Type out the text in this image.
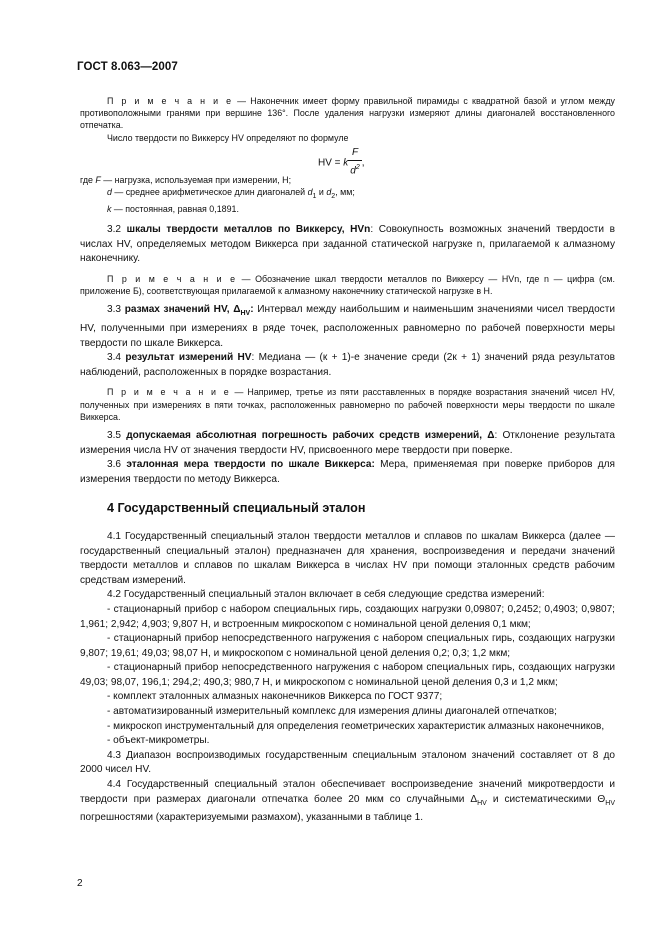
ГОСТ 8.063—2007

П р и м е ч а н и е — Наконечник имеет форму правильной пирамиды с квадратной базой и углом между противоположными гранями при вершине 136°. После удаления нагрузки измеряют длины диагоналей восстановленного отпечатка.

Число твердости по Виккерсу HV определяют по формуле

HV = k $\frac{F}{d^2}$ ,

где F — нагрузка, используемая при измерении, Н;

d — среднее арифметическое длин диагоналей $d_1$ и $d_2$, мм;

k — постоянная, равная 0,1891.

3.2 шкалы твердости металлов по Виккерсу, HVn: Совокупность возможных значений твердости в числах HV, определяемых методом Виккерса при заданной статической нагрузке n, прилагаемой к алмазному наконечнику.

П р и м е ч а н и е — Обозначение шкал твердости металлов по Виккерсу — HVn, где n — цифра (см. приложение Б), соответствующая прилагаемой к алмазному наконечнику статической нагрузке в Н.

3.3 размах значений HV, $\Delta_{HV}$: Интервал между наибольшим и наименьшим значениями чисел твердости HV, полученными при измерениях в ряде точек, расположенных равномерно по рабочей поверхности меры твердости по шкале Виккерса.

3.4 результат измерений HV: Медиана — (к + 1)-е значение среди (2к + 1) значений ряда результатов наблюдений, расположенных в порядке возрастания.

П р и м е ч а н и е — Например, третье из пяти расставленных в порядке возрастания значений чисел HV, полученных при измерениях в пяти точках, расположенных равномерно по рабочей поверхности меры твердости по шкале Виккерса.

3.5 допускаемая абсолютная погрешность рабочих средств измерений, Δ: Отклонение результата измерения числа HV от значения твердости HV, присвоенного мере твердости при поверке.

3.6 эталонная мера твердости по шкале Виккерса: Мера, применяемая при поверке приборов для измерения твердости по методу Виккерса.

4 Государственный специальный эталон

4.1 Государственный специальный эталон твердости металлов и сплавов по шкалам Виккерса (далее — государственный специальный эталон) предназначен для хранения, воспроизведения и передачи значений твердости металлов и сплавов по шкалам Виккерса в числах HV при помощи эталонных средств рабочим средствам измерений.

4.2 Государственный специальный эталон включает в себя следующие средства измерений:

- стационарный прибор с набором специальных гирь, создающих нагрузки 0,09807; 0,2452; 0,4903; 0,9807; 1,961; 2,942; 4,903; 9,807 Н, и встроенным микроскопом с номинальной ценой деления 0,1 мкм;

- стационарный прибор непосредственного нагружения с набором специальных гирь, создающих нагрузки 9,807; 19,61; 49,03; 98,07 Н, и микроскопом с номинальной ценой деления 0,2; 0,3; 1,2 мкм;

- стационарный прибор непосредственного нагружения с набором специальных гирь, создающих нагрузки 49,03; 98,07, 196,1; 294,2; 490,3; 980,7 Н, и микроскопом с номинальной ценой деления 0,3 и 1,2 мкм;

- комплект эталонных алмазных наконечников Виккерса по ГОСТ 9377;

- автоматизированный измерительный комплекс для измерения длины диагоналей отпечатков;

- микроскоп инструментальный для определения геометрических характеристик алмазных наконечников,

- объект-микрометры.

4.3 Диапазон воспроизводимых государственным специальным эталоном значений составляет от 8 до 2000 чисел HV.

4.4 Государственный специальный эталон обеспечивает воспроизведение значений микротвердости и твердости при размерах диагонали отпечатка более 20 мкм со случайными $\Delta_{HV}$ и систематическими $\Theta_{HV}$ погрешностями (характеризуемыми размахом), указанными в таблице 1.

2
